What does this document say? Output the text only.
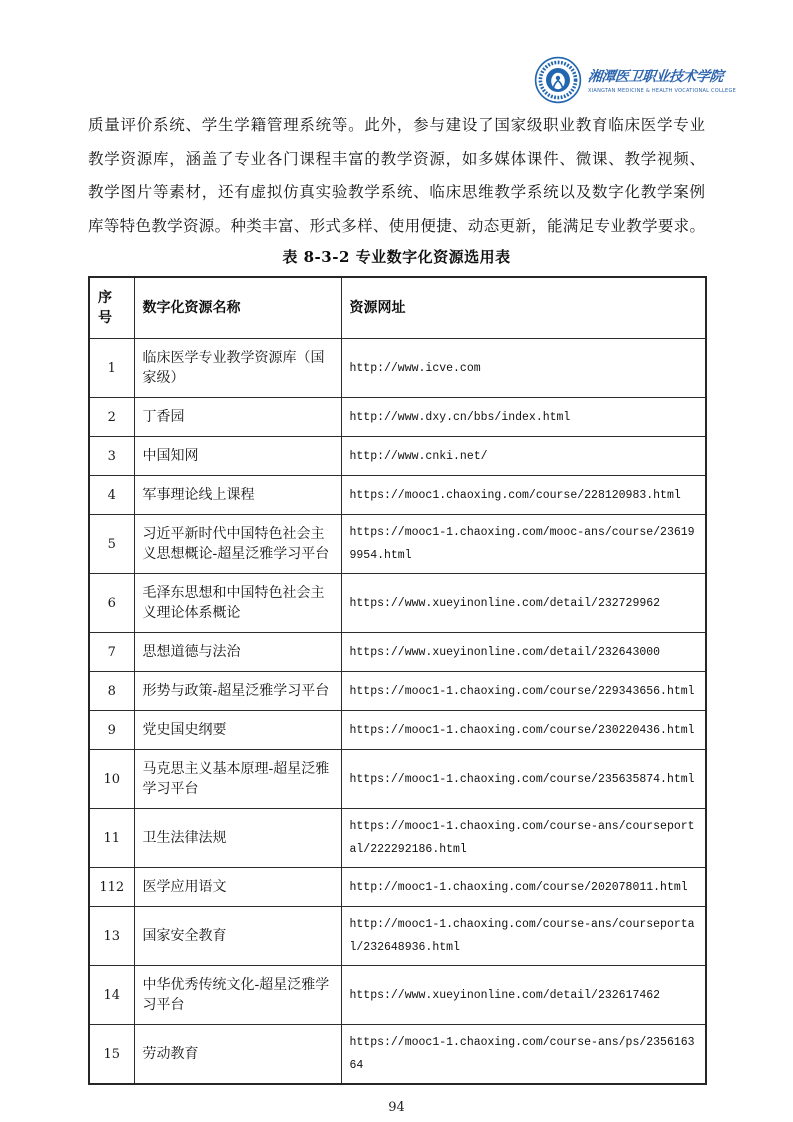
湘潭医卫职业技术学院
XIANGTAN MEDICINE & HEALTH VOCATIONAL COLLEGE
质量评价系统、学生学籍管理系统等。此外，参与建设了国家级职业教育临床医学专业
教学资源库，涵盖了专业各门课程丰富的教学资源，如多媒体课件、微课、教学视频、
教学图片等素材，还有虚拟仿真实验教学系统、临床思维教学系统以及数字化教学案例
库等特色教学资源。种类丰富、形式多样、使用便捷、动态更新，能满足专业教学要求。
表 8-3-2 专业数字化资源选用表
序号	数字化资源名称	资源网址
1	临床医学专业教学资源库（国家级）	http://www.icve.com
2	丁香园	http://www.dxy.cn/bbs/index.html
3	中国知网	http://www.cnki.net/
4	军事理论线上课程	https://mooc1.chaoxing.com/course/228120983.html
5	习近平新时代中国特色社会主义思想概论-超星泛雅学习平台	https://mooc1-1.chaoxing.com/mooc-ans/course/236199954.html
6	毛泽东思想和中国特色社会主义理论体系概论	https://www.xueyinonline.com/detail/232729962
7	思想道德与法治	https://www.xueyinonline.com/detail/232643000
8	形势与政策-超星泛雅学习平台	https://mooc1-1.chaoxing.com/course/229343656.html
9	党史国史纲要	https://mooc1-1.chaoxing.com/course/230220436.html
10	马克思主义基本原理-超星泛雅学习平台	https://mooc1-1.chaoxing.com/course/235635874.html
11	卫生法律法规	https://mooc1-1.chaoxing.com/course-ans/courseportal/222292186.html
112	医学应用语文	http://mooc1-1.chaoxing.com/course/202078011.html
13	国家安全教育	http://mooc1-1.chaoxing.com/course-ans/courseportal/232648936.html
14	中华优秀传统文化-超星泛雅学习平台	https://www.xueyinonline.com/detail/232617462
15	劳动教育	https://mooc1-1.chaoxing.com/course-ans/ps/235616364
94
